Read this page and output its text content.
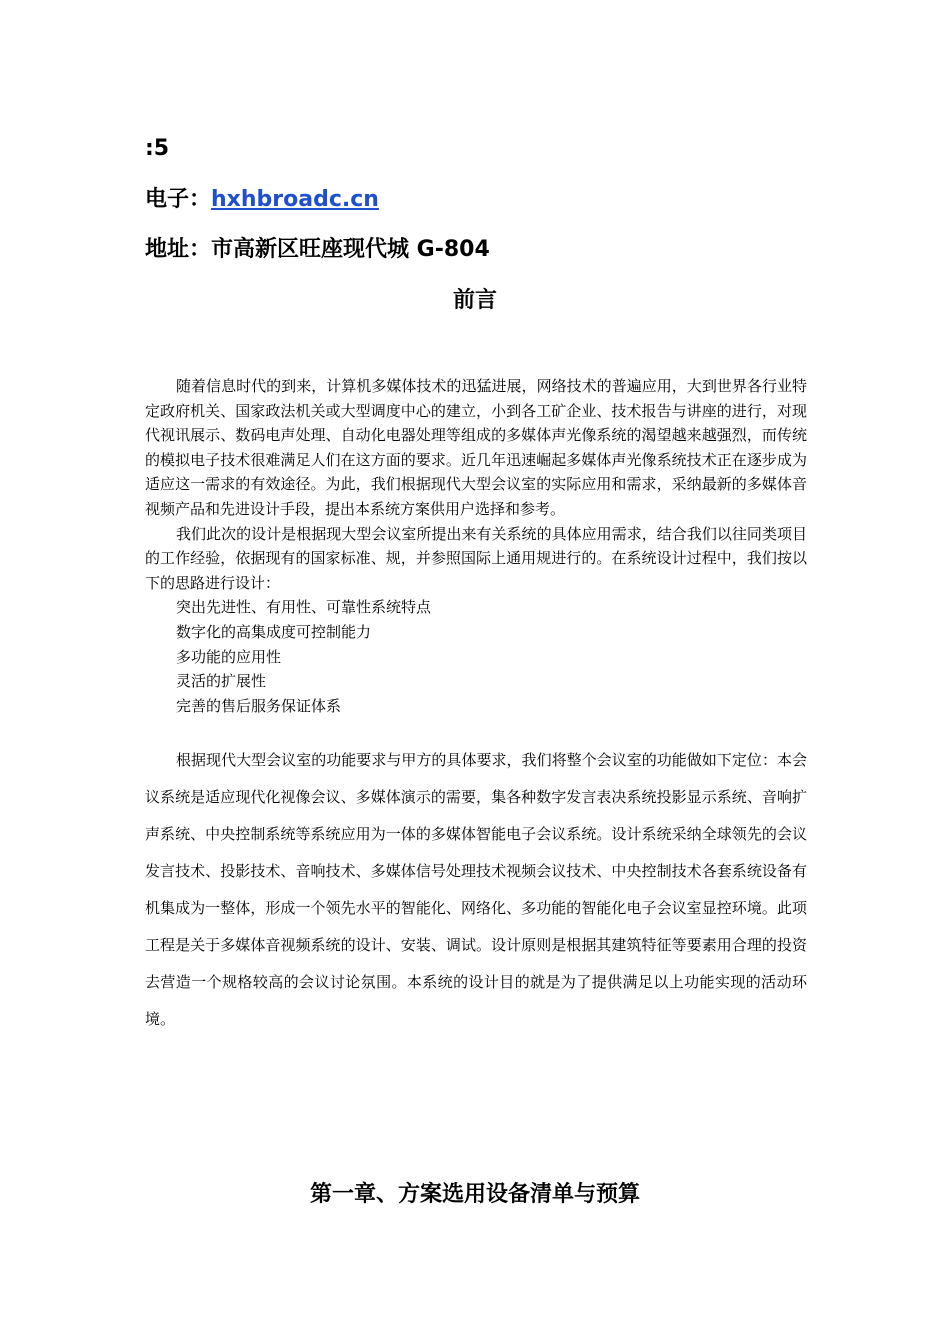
:5
电子：hxhbroadc.cn
地址：市高新区旺座现代城 G-804
前言

随着信息时代的到来，计算机多媒体技术的迅猛进展，网络技术的普遍应用，大到世界各行业特定政府机关、国家政法机关或大型调度中心的建立，小到各工矿企业、技术报告与讲座的进行，对现代视讯展示、数码电声处理、自动化电器处理等组成的多媒体声光像系统的渴望越来越强烈，而传统的模拟电子技术很难满足人们在这方面的要求。近几年迅速崛起多媒体声光像系统技术正在逐步成为适应这一需求的有效途径。为此，我们根据现代大型会议室的实际应用和需求，采纳最新的多媒体音视频产品和先进设计手段，提出本系统方案供用户选择和参考。

我们此次的设计是根据现大型会议室所提出来有关系统的具体应用需求，结合我们以往同类项目的工作经验，依据现有的国家标准、规，并参照国际上通用规进行的。在系统设计过程中，我们按以下的思路进行设计：

突出先进性、有用性、可靠性系统特点
数字化的高集成度可控制能力
多功能的应用性
灵活的扩展性
完善的售后服务保证体系

根据现代大型会议室的功能要求与甲方的具体要求，我们将整个会议室的功能做如下定位：本会议系统是适应现代化视像会议、多媒体演示的需要，集各种数字发言表决系统投影显示系统、音响扩声系统、中央控制系统等系统应用为一体的多媒体智能电子会议系统。设计系统采纳全球领先的会议发言技术、投影技术、音响技术、多媒体信号处理技术视频会议技术、中央控制技术各套系统设备有机集成为一整体，形成一个领先水平的智能化、网络化、多功能的智能化电子会议室显控环境。此项工程是关于多媒体音视频系统的设计、安装、调试。设计原则是根据其建筑特征等要素用合理的投资去营造一个规格较高的会议讨论氛围。本系统的设计目的就是为了提供满足以上功能实现的活动环境。

第一章、方案选用设备清单与预算
